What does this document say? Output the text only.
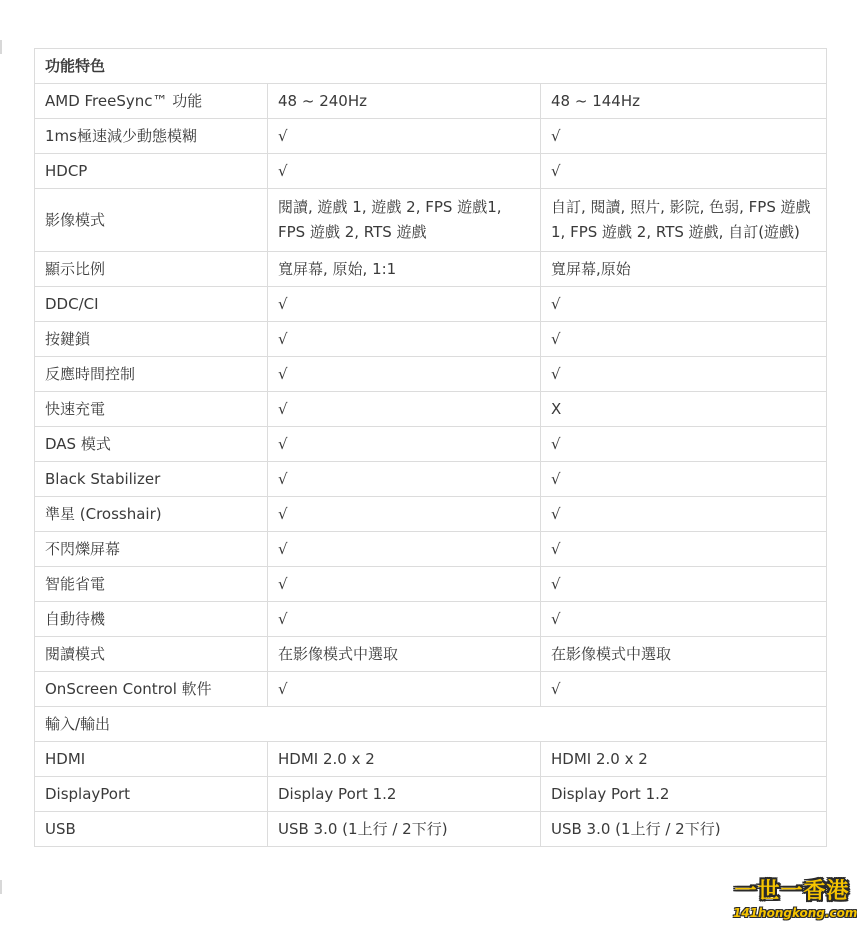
功能特色		
AMD FreeSync™ 功能	48 ~ 240Hz	48 ~ 144Hz
1ms極速減少動態模糊	√	√
HDCP	√	√
影像模式	閱讀, 遊戲 1, 遊戲 2, FPS 遊戲1, FPS 遊戲 2, RTS 遊戲	自訂, 閱讀, 照片, 影院, 色弱, FPS 遊戲1, FPS 遊戲 2, RTS 遊戲, 自訂(遊戲)
顯示比例	寬屏幕, 原始, 1:1	寬屏幕,原始
DDC/CI	√	√
按鍵鎖	√	√
反應時間控制	√	√
快速充電	√	X
DAS 模式	√	√
Black Stabilizer	√	√
準星 (Crosshair)	√	√
不閃爍屏幕	√	√
智能省電	√	√
自動待機	√	√
閱讀模式	在影像模式中選取	在影像模式中選取
OnScreen Control 軟件	√	√
輸入/輸出		
HDMI	HDMI 2.0 x 2	HDMI 2.0 x 2
DisplayPort	Display Port 1.2	Display Port 1.2
USB	USB 3.0 (1上行 / 2下行)	USB 3.0 (1上行 / 2下行)
一世一香港
141hongkong.com
